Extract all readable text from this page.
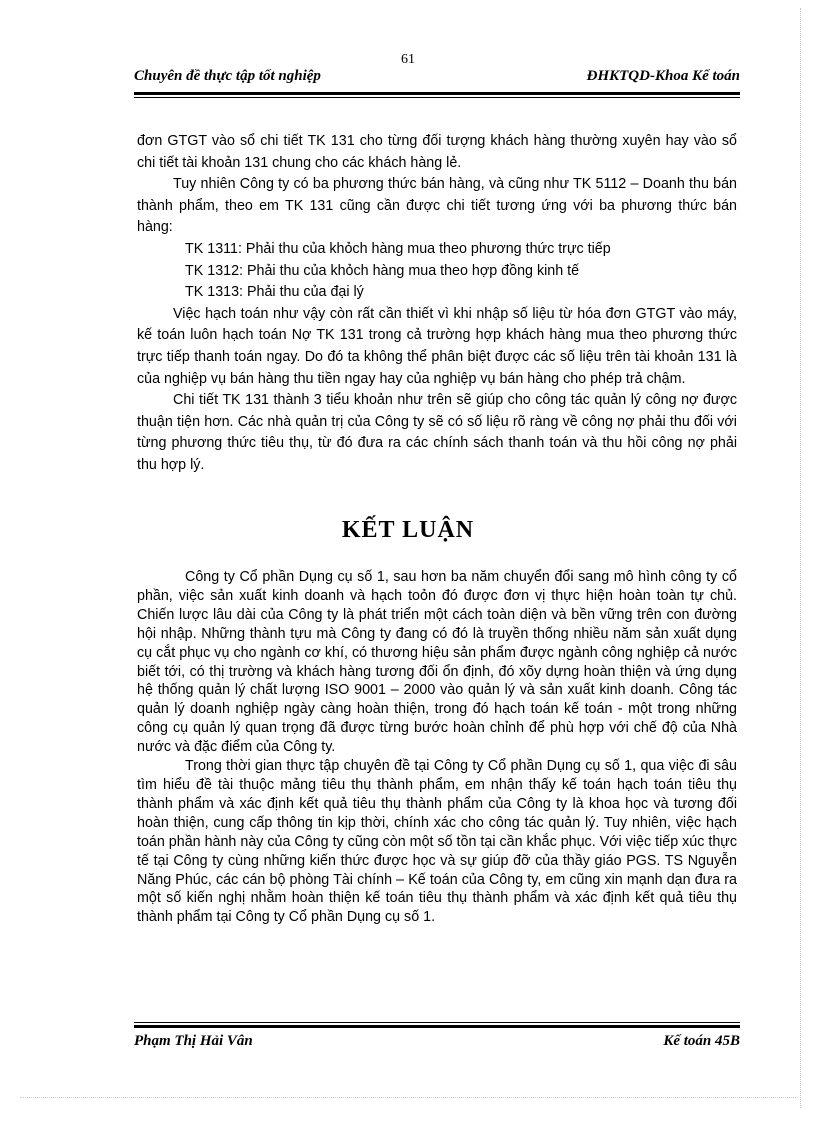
61
Chuyên đề thực tập tốt nghiệp	ĐHKTQD-Khoa Kế toán

đơn GTGT vào sổ chi tiết TK 131 cho từng đối tượng khách hàng thường xuyên hay vào sổ chi tiết tài khoản 131 chung cho các khách hàng lẻ.

Tuy nhiên Công ty có ba phương thức bán hàng, và cũng như TK 5112 – Doanh thu bán thành phẩm, theo em TK 131 cũng cần được chi tiết tương ứng với ba phương thức bán hàng:

TK 1311: Phải thu của khỏch hàng mua theo phương thức trực tiếp

TK 1312: Phải thu của khỏch hàng mua theo hợp đồng kinh tế

TK 1313: Phải thu của đại lý

Việc hạch toán như vậy còn rất cần thiết vì khi nhập số liệu từ hóa đơn GTGT vào máy, kế toán luôn hạch toán Nợ TK 131 trong cả trường hợp khách hàng mua theo phương thức trực tiếp thanh toán ngay. Do đó ta không thể phân biệt được các số liệu trên tài khoản 131 là của nghiệp vụ bán hàng thu tiền ngay hay của nghiệp vụ bán hàng cho phép trả chậm.

Chi tiết TK 131 thành 3 tiểu khoản như trên sẽ giúp cho công tác quản lý công nợ được thuận tiện hơn. Các nhà quản trị của Công ty sẽ có số liệu rõ ràng về công nợ phải thu đối với từng phương thức tiêu thụ, từ đó đưa ra các chính sách thanh toán và thu hồi công nợ phải thu hợp lý.

KẾT LUẬN

Công ty Cổ phần Dụng cụ số 1, sau hơn ba năm chuyển đổi sang mô hình công ty cổ phần, việc sản xuất kinh doanh và hạch toỏn đó được đơn vị thực hiện hoàn toàn tự chủ. Chiến lược lâu dài của Công ty là phát triển một cách toàn diện và bền vững trên con đường hội nhập. Những thành tựu mà Công ty đang có đó là truyền thống nhiều năm sản xuất dụng cụ cắt phục vụ cho ngành cơ khí, có thương hiệu sản phẩm được ngành công nghiệp cả nước biết tới, có thị trường và khách hàng tương đối ổn định, đó xõy dựng hoàn thiện và ứng dụng hệ thống quản lý chất lượng ISO 9001 – 2000 vào quản lý và sản xuất kinh doanh. Công tác quản lý doanh nghiệp ngày càng hoàn thiện, trong đó hạch toán kế toán - một trong những công cụ quản lý quan trọng đã được từng bước hoàn chỉnh để phù hợp với chế độ của Nhà nước và đặc điểm của Công ty.

Trong thời gian thực tập chuyên đề tại Công ty Cổ phần Dụng cụ số 1, qua việc đi sâu tìm hiểu đề tài thuộc mảng tiêu thụ thành phẩm, em nhận thấy kế toán hạch toán tiêu thụ thành phẩm và xác định kết quả tiêu thụ thành phẩm của Công ty là khoa học và tương đối hoàn thiện, cung cấp thông tin kịp thời, chính xác cho công tác quản lý. Tuy nhiên, việc hạch toán phần hành này của Công ty cũng còn một số tồn tại cần khắc phục. Với việc tiếp xúc thực tế tại Công ty cùng những kiến thức được học và sự giúp đỡ của thầy giáo PGS. TS Nguyễn Năng Phúc, các cán bộ phòng Tài chính – Kế toán của Công ty, em cũng xin mạnh dạn đưa ra một số kiến nghị nhằm hoàn thiện kế toán tiêu thụ thành phẩm và xác định kết quả tiêu thụ thành phẩm tại Công ty Cổ phần Dụng cụ số 1.

Phạm Thị Hải Vân	Kế toán 45B
